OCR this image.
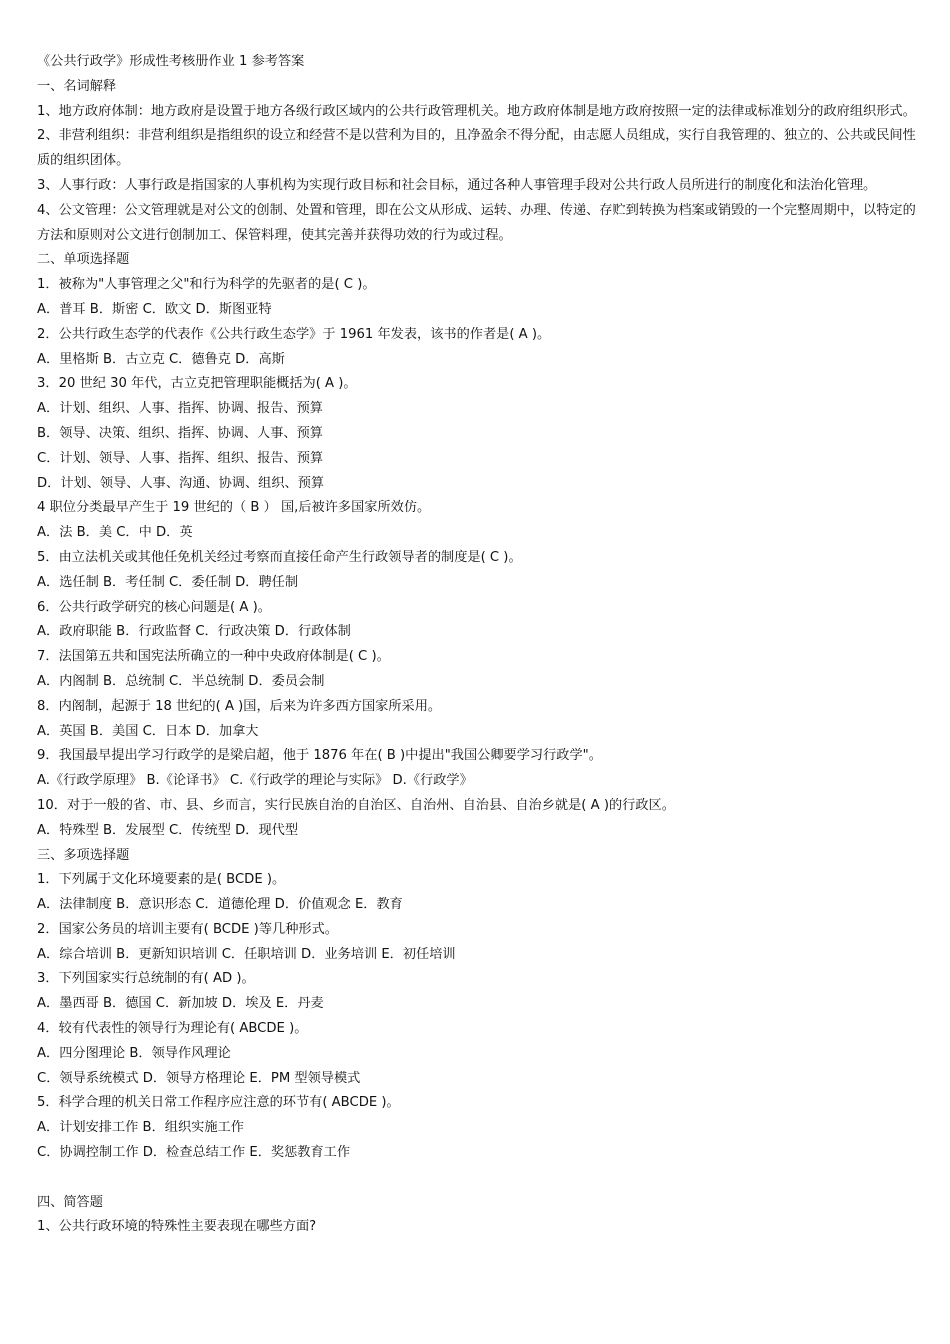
《公共行政学》形成性考核册作业 1 参考答案
一、名词解释
1、地方政府体制：地方政府是设置于地方各级行政区域内的公共行政管理机关。地方政府体制是地方政府按照一定的法律或标准划分的政府组织形式。
2、非营利组织：非营利组织是指组织的设立和经营不是以营利为目的，且净盈余不得分配，由志愿人员组成，实行自我管理的、独立的、公共或民间性质的组织团体。
3、人事行政：人事行政是指国家的人事机构为实现行政目标和社会目标，通过各种人事管理手段对公共行政人员所进行的制度化和法治化管理。
4、公文管理：公文管理就是对公文的创制、处置和管理，即在公文从形成、运转、办理、传递、存贮到转换为档案或销毁的一个完整周期中，以特定的方法和原则对公文进行创制加工、保管料理，使其完善并获得功效的行为或过程。
二、单项选择题
1．被称为"人事管理之父"和行为科学的先驱者的是( C )。
A．普耳 B．斯密 C．欧文 D．斯图亚特
2．公共行政生态学的代表作《公共行政生态学》于 1961 年发表，该书的作者是( A )。
A．里格斯 B．古立克 C．德鲁克 D．高斯
3．20 世纪 30 年代，古立克把管理职能概括为( A )。
A．计划、组织、人事、指挥、协调、报告、预算
B．领导、决策、组织、指挥、协调、人事、预算
C．计划、领导、人事、指挥、组织、报告、预算
D．计划、领导、人事、沟通、协调、组织、预算
4 职位分类最早产生于 19 世纪的（ B ） 国,后被许多国家所效仿。
A．法 B．美 C．中 D．英
5．由立法机关或其他任免机关经过考察而直接任命产生行政领导者的制度是( C )。
A．选任制 B．考任制 C．委任制 D．聘任制
6．公共行政学研究的核心问题是( A )。
A．政府职能 B．行政监督 C．行政决策 D．行政体制
7．法国第五共和国宪法所确立的一种中央政府体制是( C )。
A．内阁制 B．总统制 C．半总统制 D．委员会制
8．内阁制，起源于 18 世纪的( A )国，后来为许多西方国家所采用。
A．英国 B．美国 C．日本 D．加拿大
9．我国最早提出学习行政学的是梁启超，他于 1876 年在( B )中提出"我国公卿要学习行政学"。
A.《行政学原理》 B.《论译书》 C.《行政学的理论与实际》 D.《行政学》
10．对于一般的省、市、县、乡而言，实行民族自治的自治区、自治州、自治县、自治乡就是( A )的行政区。
A．特殊型 B．发展型 C．传统型 D．现代型
三、多项选择题
1．下列属于文化环境要素的是( BCDE )。
A．法律制度 B．意识形态 C．道德伦理 D．价值观念 E．教育
2．国家公务员的培训主要有( BCDE )等几种形式。
A．综合培训 B．更新知识培训 C．任职培训 D．业务培训 E．初任培训
3．下列国家实行总统制的有( AD )。
A．墨西哥 B．德国 C．新加坡 D．埃及 E．丹麦
4．较有代表性的领导行为理论有( ABCDE )。
A．四分图理论 B．领导作风理论
C．领导系统模式 D．领导方格理论 E．PM 型领导模式
5．科学合理的机关日常工作程序应注意的环节有( ABCDE )。
A．计划安排工作 B．组织实施工作
C．协调控制工作 D．检查总结工作 E．奖惩教育工作
四、简答题
1、公共行政环境的特殊性主要表现在哪些方面?
